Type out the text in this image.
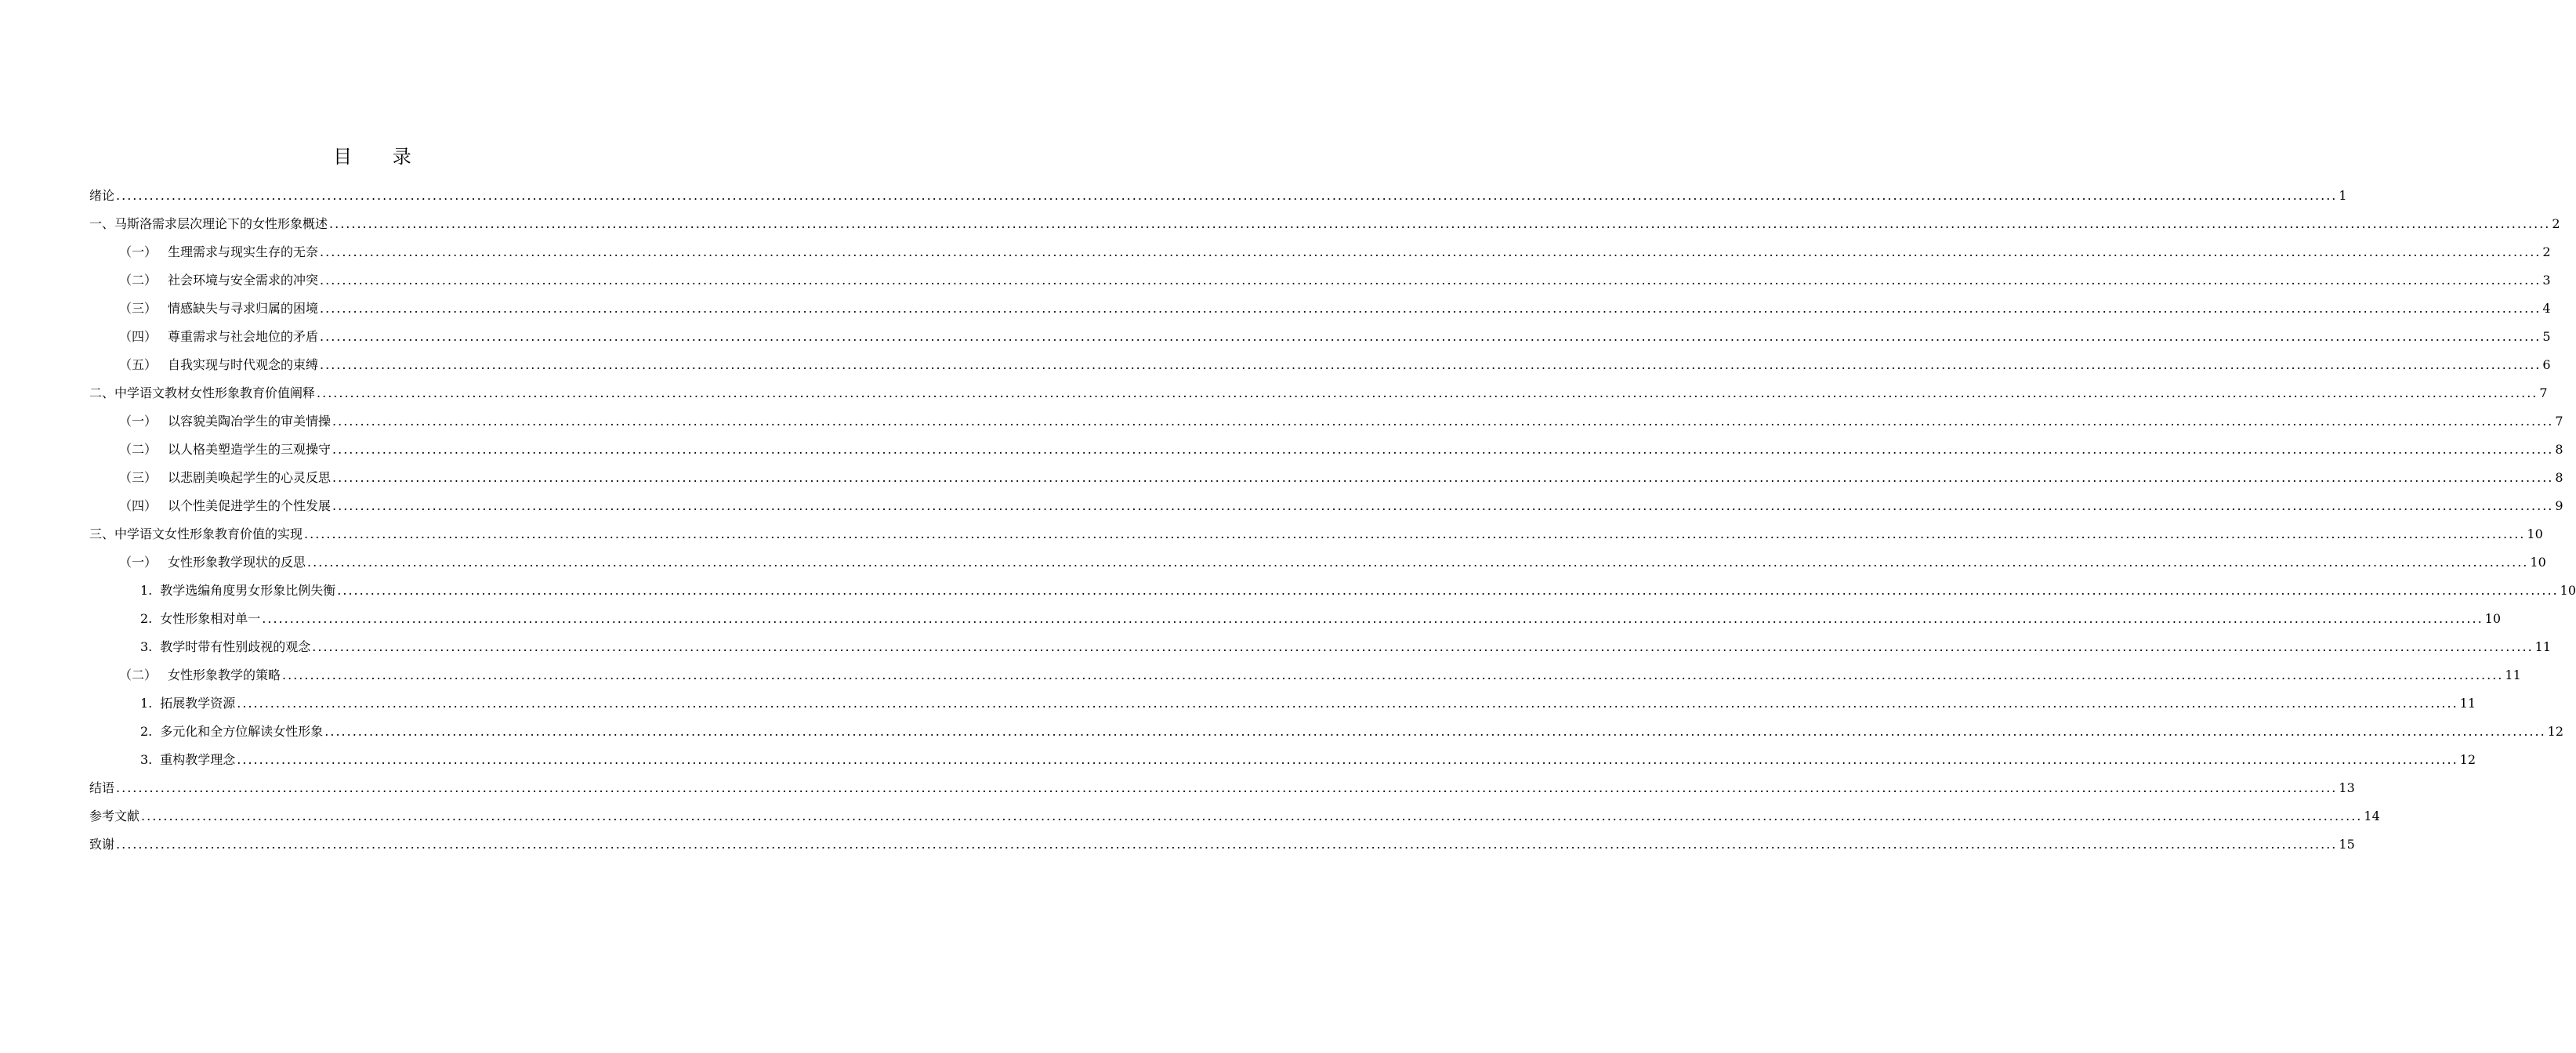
目 录
绪论 ................................................................................................................................................................................................................................................................................................................................................................................................................ 1
一、马斯洛需求层次理论下的女性形象概述 ................................................................................................................................................................................................................................................................................................................................................................................................................ 2
（一） 生理需求与现实生存的无奈 ................................................................................................................................................................................................................................................................................................................................................................................................................ 2
（二） 社会环境与安全需求的冲突 ................................................................................................................................................................................................................................................................................................................................................................................................................ 3
（三） 情感缺失与寻求归属的困境 ................................................................................................................................................................................................................................................................................................................................................................................................................ 4
（四） 尊重需求与社会地位的矛盾 ................................................................................................................................................................................................................................................................................................................................................................................................................ 5
（五） 自我实现与时代观念的束缚 ................................................................................................................................................................................................................................................................................................................................................................................................................ 6
二、中学语文教材女性形象教育价值阐释 ................................................................................................................................................................................................................................................................................................................................................................................................................ 7
（一） 以容貌美陶冶学生的审美情操 ................................................................................................................................................................................................................................................................................................................................................................................................................ 7
（二） 以人格美塑造学生的三观操守 ................................................................................................................................................................................................................................................................................................................................................................................................................ 8
（三） 以悲剧美唤起学生的心灵反思 ................................................................................................................................................................................................................................................................................................................................................................................................................ 8
（四） 以个性美促进学生的个性发展 ................................................................................................................................................................................................................................................................................................................................................................................................................ 9
三、中学语文女性形象教育价值的实现 ................................................................................................................................................................................................................................................................................................................................................................................................................ 10
（一） 女性形象教学现状的反思 ................................................................................................................................................................................................................................................................................................................................................................................................................ 10
1. 教学选编角度男女形象比例失衡 ................................................................................................................................................................................................................................................................................................................................................................................................................ 10
2. 女性形象相对单一 ................................................................................................................................................................................................................................................................................................................................................................................................................ 10
3. 教学时带有性别歧视的观念 ................................................................................................................................................................................................................................................................................................................................................................................................................ 11
（二） 女性形象教学的策略 ................................................................................................................................................................................................................................................................................................................................................................................................................ 11
1. 拓展教学资源 ................................................................................................................................................................................................................................................................................................................................................................................................................ 11
2. 多元化和全方位解读女性形象 ................................................................................................................................................................................................................................................................................................................................................................................................................ 12
3. 重构教学理念 ................................................................................................................................................................................................................................................................................................................................................................................................................ 12
结语 ................................................................................................................................................................................................................................................................................................................................................................................................................ 13
参考文献 ................................................................................................................................................................................................................................................................................................................................................................................................................ 14
致谢 ................................................................................................................................................................................................................................................................................................................................................................................................................ 15
